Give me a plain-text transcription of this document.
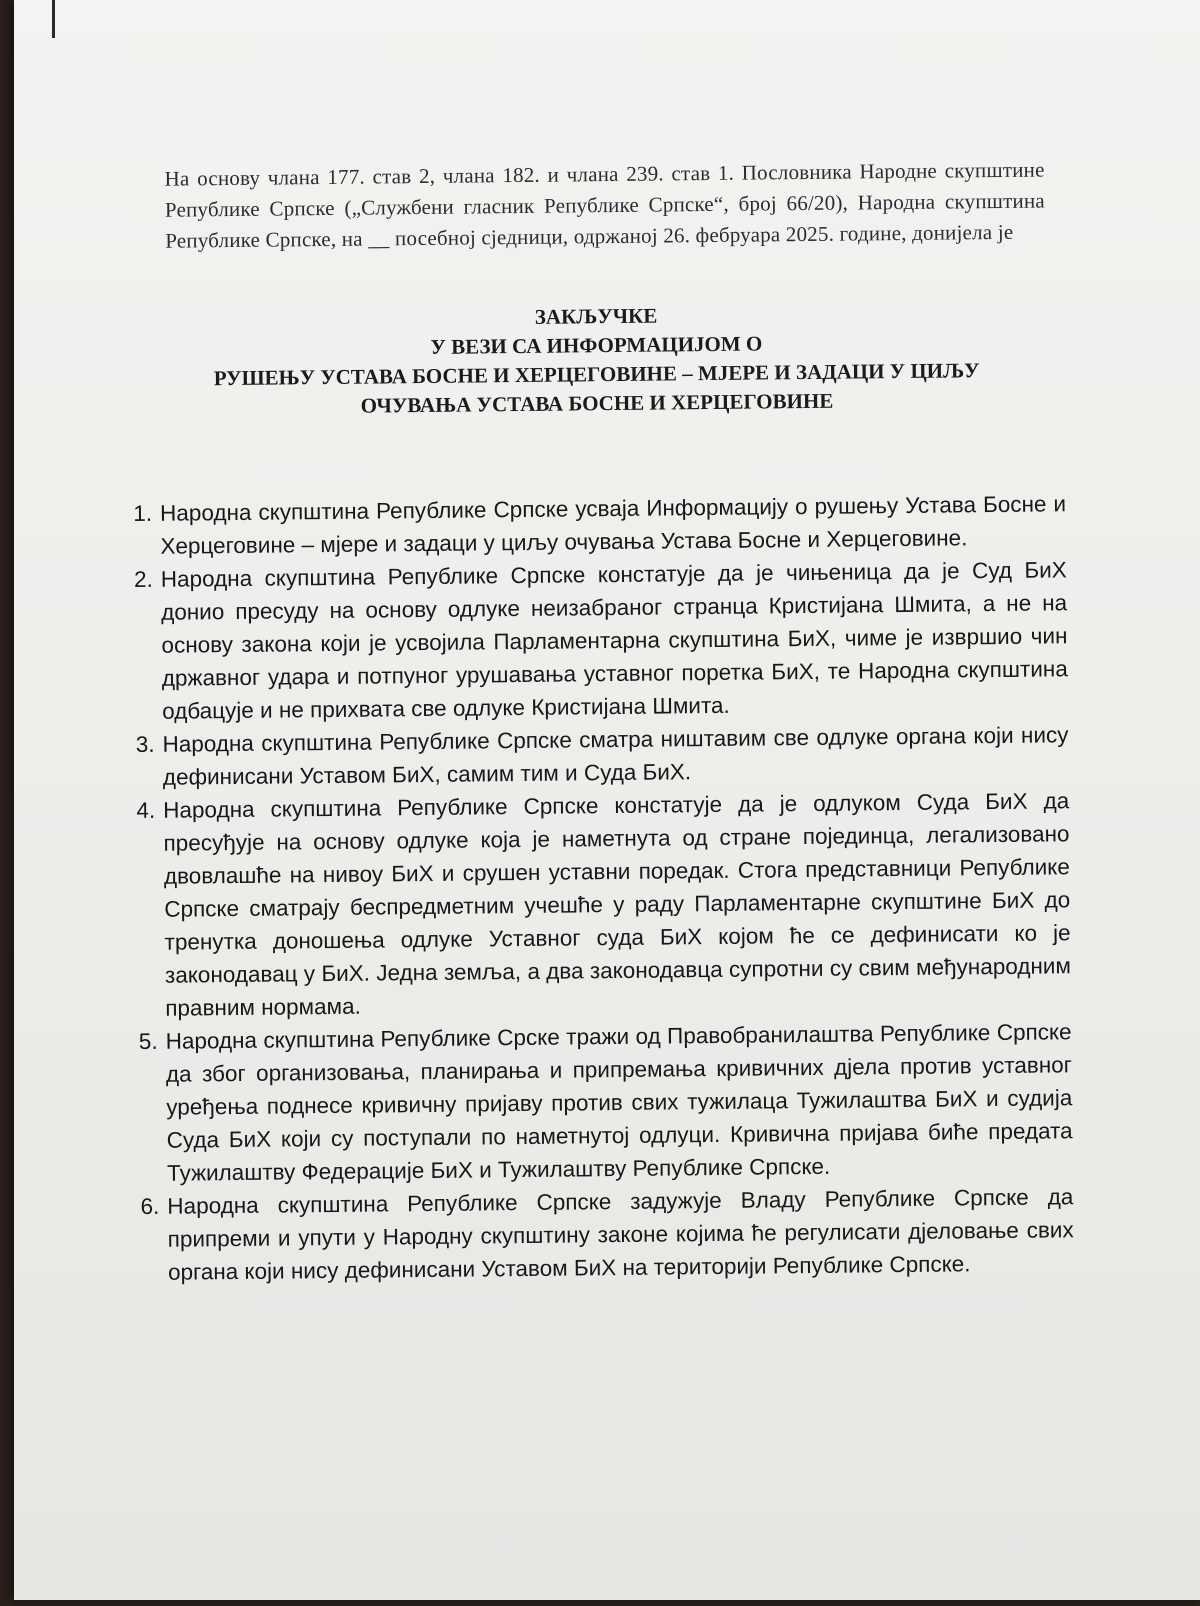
На основу члана 177. став 2, члана 182. и члана 239. став 1. Пословника Народне скупштине Републике Српске („Службени гласник Републике Српске“, број 66/20), Народна скупштина Републике Српске, на __ посебној сједници, одржаној 26. фебруара 2025. године, донијела је

ЗАКЉУЧКЕ
У ВЕЗИ СА ИНФОРМАЦИЈОМ О
РУШЕЊУ УСТАВА БОСНЕ И ХЕРЦЕГОВИНЕ – МЈЕРЕ И ЗАДАЦИ У ЦИЉУ
ОЧУВАЊА УСТАВА БОСНЕ И ХЕРЦЕГОВИНЕ
1. Народна скупштина Републике Српске усваја Информацију о рушењу Устава Босне и Херцеговине – мјере и задаци у циљу очувања Устава Босне и Херцеговине.
2. Народна скупштина Републике Српске констатује да је чињеница да је Суд БиХ донио пресуду на основу одлуке неизабраног странца Кристијана Шмита, а не на основу закона који је усвојила Парламентарна скупштина БиХ, чиме је извршио чин државног удара и потпуног урушавања уставног поретка БиХ, те Народна скупштина одбацује и не прихвата све одлуке Кристијана Шмита.
3. Народна скупштина Републике Српске сматра ништавим све одлуке органа који нису дефинисани Уставом БиХ, самим тим и Суда БиХ.
4. Народна скупштина Републике Српске констатује да је одлуком Суда БиХ да пресуђује на основу одлуке која је наметнута од стране појединца, легализовано двовлашће на нивоу БиХ и срушен уставни поредак. Стога представници Републике Српске сматрају беспредметним учешће у раду Парламентарне скупштине БиХ до тренутка доношења одлуке Уставног суда БиХ којом ће се дефинисати ко је законодавац у БиХ. Једна земља, а два законодавца супротни су свим међународним правним нормама.
5. Народна скупштина Републике Срске тражи од Правобранилаштва Републике Српске да због организовања, планирања и припремања кривичних дјела против уставног уређења поднесе кривичну пријаву против свих тужилаца Тужилаштва БиХ и судија Суда БиХ који су поступали по наметнутој одлуци. Кривична пријава биће предата Тужилаштву Федерације БиХ и Тужилаштву Републике Српске.
6. Народна скупштина Републике Српске задужује Владу Републике Српске да припреми и упути у Народну скупштину законе којима ће регулисати дјеловање свих органа који нису дефинисани Уставом БиХ на територији Републике Српске.
